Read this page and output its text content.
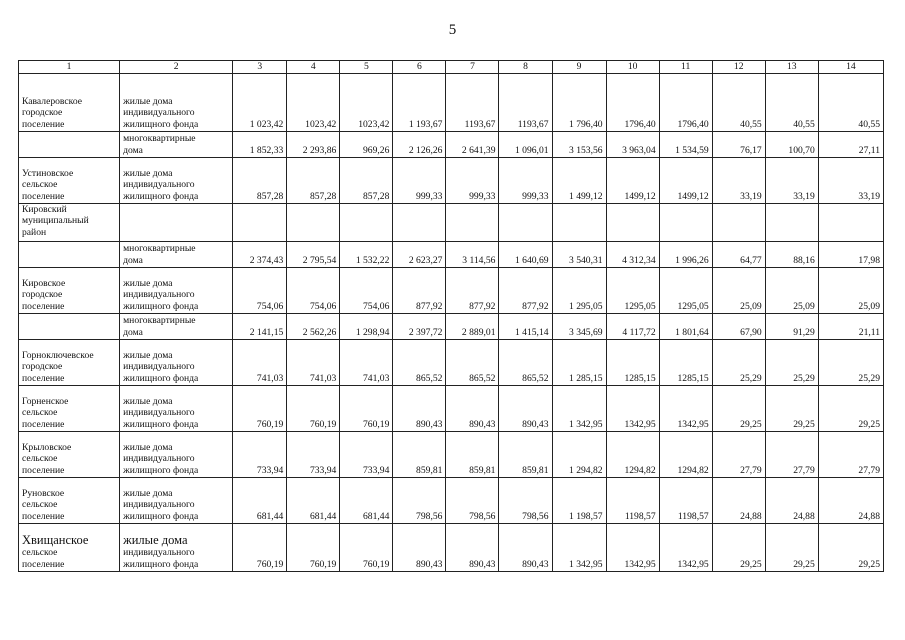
5
1	2	3	4	5	6	7	8	9	10	11	12	13	14

Кавалеровское
городское
поселение	жилые дома
индивидуального
жилищного фонда	1 023,42	1023,42	1023,42	1 193,67	1193,67	1193,67	1 796,40	1796,40	1796,40	40,55	40,55	40,55

	многоквартирные
дома	1 852,33	2 293,86	969,26	2 126,26	2 641,39	1 096,01	3 153,56	3 963,04	1 534,59	76,17	100,70	27,11

Устиновское
сельское
поселение	жилые дома
индивидуального
жилищного фонда	857,28	857,28	857,28	999,33	999,33	999,33	1 499,12	1499,12	1499,12	33,19	33,19	33,19

Кировский
муниципальный
район													

	многоквартирные
дома	2 374,43	2 795,54	1 532,22	2 623,27	3 114,56	1 640,69	3 540,31	4 312,34	1 996,26	64,77	88,16	17,98

Кировское
городское
поселение	жилые дома
индивидуального
жилищного фонда	754,06	754,06	754,06	877,92	877,92	877,92	1 295,05	1295,05	1295,05	25,09	25,09	25,09

	многоквартирные
дома	2 141,15	2 562,26	1 298,94	2 397,72	2 889,01	1 415,14	3 345,69	4 117,72	1 801,64	67,90	91,29	21,11

Горноключевское
городское
поселение	жилые дома
индивидуального
жилищного фонда	741,03	741,03	741,03	865,52	865,52	865,52	1 285,15	1285,15	1285,15	25,29	25,29	25,29

Горненское
сельское
поселение	жилые дома
индивидуального
жилищного фонда	760,19	760,19	760,19	890,43	890,43	890,43	1 342,95	1342,95	1342,95	29,25	29,25	29,25

Крыловское
сельское
поселение	жилые дома
индивидуального
жилищного фонда	733,94	733,94	733,94	859,81	859,81	859,81	1 294,82	1294,82	1294,82	27,79	27,79	27,79

Руновское
сельское
поселение	жилые дома
индивидуального
жилищного фонда	681,44	681,44	681,44	798,56	798,56	798,56	1 198,57	1198,57	1198,57	24,88	24,88	24,88

Хвищанское
сельское
поселение	жилые дома
индивидуального
жилищного фонда	760,19	760,19	760,19	890,43	890,43	890,43	1 342,95	1342,95	1342,95	29,25	29,25	29,25
